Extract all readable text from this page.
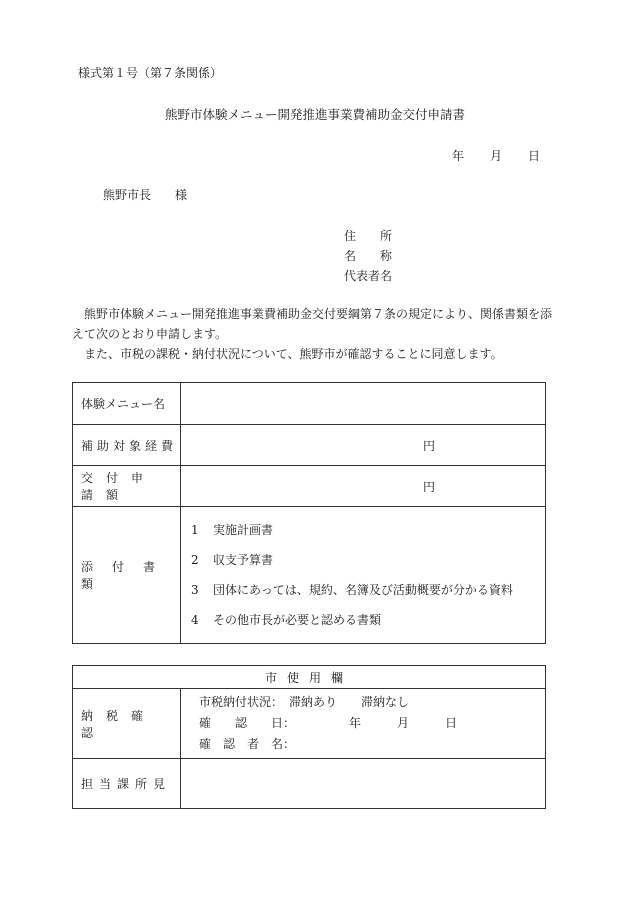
様式第１号（第７条関係）
熊野市体験メニュー開発推進事業費補助金交付申請書
年 月 日
熊野市長　　様
住　　所
名　　称
代表者名

熊野市体験メニュー開発推進事業費補助金交付要綱第７条の規定により、関係書類を添えて次のとおり申請します。

また、市税の課税・納付状況について、熊野市が確認することに同意します。

体験メニュー名	
補助対象経費	円
交付申請額	円
添付書類	1 実施計画書
2 収支予算書
3 団体にあっては、規約、名簿及び活動概要が分かる資料
4 その他市長が必要と認める書類
市使用欄	
納税確認	市税納付状況：　滞納あり　　滞納なし
確　　認　　日：　　　　　年　　　月　　　日
確　認　者　名：

担当課所見	
